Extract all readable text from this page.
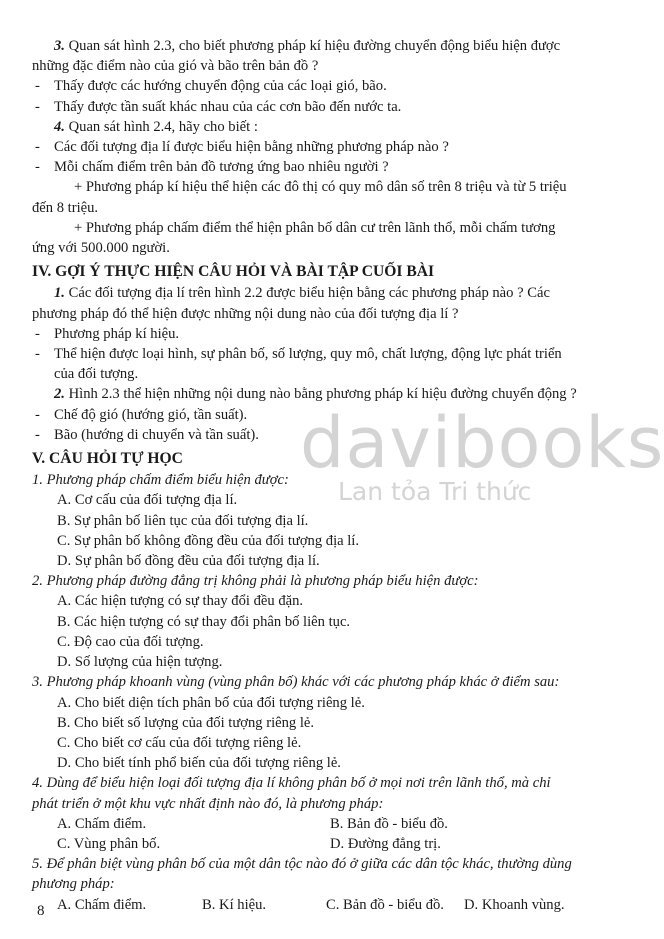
3. Quan sát hình 2.3, cho biết phương pháp kí hiệu đường chuyển động biểu hiện được những đặc điểm nào của gió và bão trên bản đồ ?

- Thấy được các hướng chuyển động của các loại gió, bão.
- Thấy được tần suất khác nhau của các cơn bão đến nước ta.

4. Quan sát hình 2.4, hãy cho biết :

- Các đối tượng địa lí được biểu hiện bằng những phương pháp nào ?
- Mỗi chấm điểm trên bản đồ tương ứng bao nhiêu người ?

+ Phương pháp kí hiệu thể hiện các đô thị có quy mô dân số trên 8 triệu và từ 5 triệu đến 8 triệu.

+ Phương pháp chấm điểm thể hiện phân bố dân cư trên lãnh thổ, mỗi chấm tương ứng với 500.000 người.

IV. GỢI Ý THỰC HIỆN CÂU HỎI VÀ BÀI TẬP CUỐI BÀI

1. Các đối tượng địa lí trên hình 2.2 được biểu hiện bằng các phương pháp nào ? Các phương pháp đó thể hiện được những nội dung nào của đối tượng địa lí ?

- Phương pháp kí hiệu.
- Thể hiện được loại hình, sự phân bố, số lượng, quy mô, chất lượng, động lực phát triển của đối tượng.

2. Hình 2.3 thể hiện những nội dung nào bằng phương pháp kí hiệu đường chuyển động ?

- Chế độ gió (hướng gió, tần suất).
- Bão (hướng di chuyển và tần suất).

V. CÂU HỎI TỰ HỌC

1. Phương pháp chấm điểm biểu hiện được:

A. Cơ cấu của đối tượng địa lí.

B. Sự phân bố liên tục của đối tượng địa lí.

C. Sự phân bố không đồng đều của đối tượng địa lí.

D. Sự phân bố đồng đều của đối tượng địa lí.

2. Phương pháp đường đẳng trị không phải là phương pháp biểu hiện được:

A. Các hiện tượng có sự thay đổi đều đặn.

B. Các hiện tượng có sự thay đổi phân bố liên tục.

C. Độ cao của đối tượng.

D. Số lượng của hiện tượng.

3. Phương pháp khoanh vùng (vùng phân bố) khác với các phương pháp khác ở điểm sau:

A. Cho biết diện tích phân bố của đối tượng riêng lẻ.

B. Cho biết số lượng của đối tượng riêng lẻ.

C. Cho biết cơ cấu của đối tượng riêng lẻ.

D. Cho biết tính phổ biến của đối tượng riêng lẻ.

4. Dùng để biểu hiện loại đối tượng địa lí không phân bố ở mọi nơi trên lãnh thổ, mà chỉ phát triển ở một khu vực nhất định nào đó, là phương pháp:

A. Chấm điểm.	B. Bản đồ - biểu đồ.
C. Vùng phân bố.	D. Đường đẳng trị.

5. Để phân biệt vùng phân bố của một dân tộc nào đó ở giữa các dân tộc khác, thường dùng phương pháp:

A. Chấm điểm.	B. Kí hiệu.	C. Bản đồ - biểu đồ.	D. Khoanh vùng.
davibooks
Lan tỏa Tri thức
8
